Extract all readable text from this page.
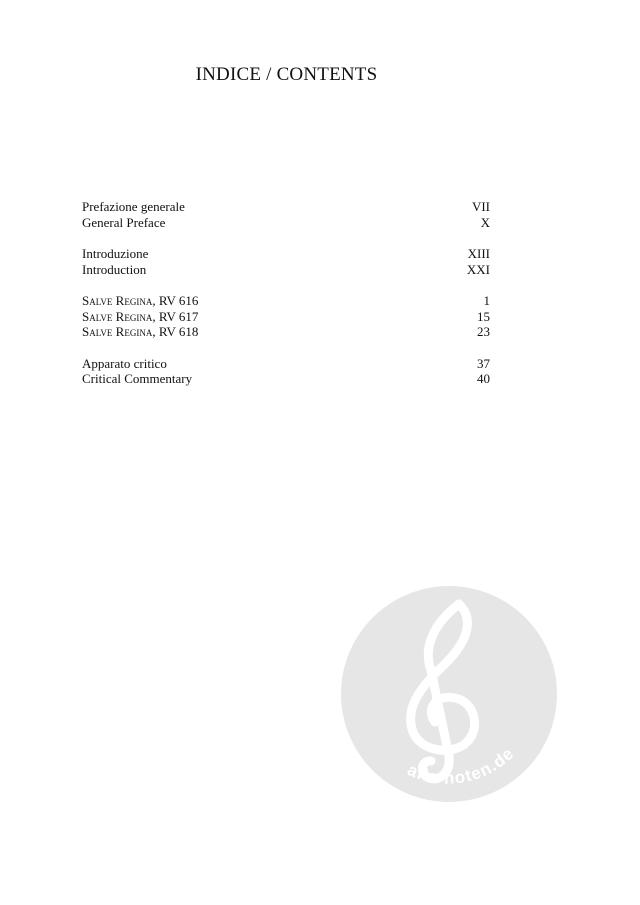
INDICE / CONTENTS
Prefazione generale	VII
General Preface	X
Introduzione	XIII
Introduction	XXI
Salve Regina, RV 616	1
Salve Regina, RV 617	15
Salve Regina, RV 618	23
Apparato critico	37
Critical Commentary	40
alle-noten.de
